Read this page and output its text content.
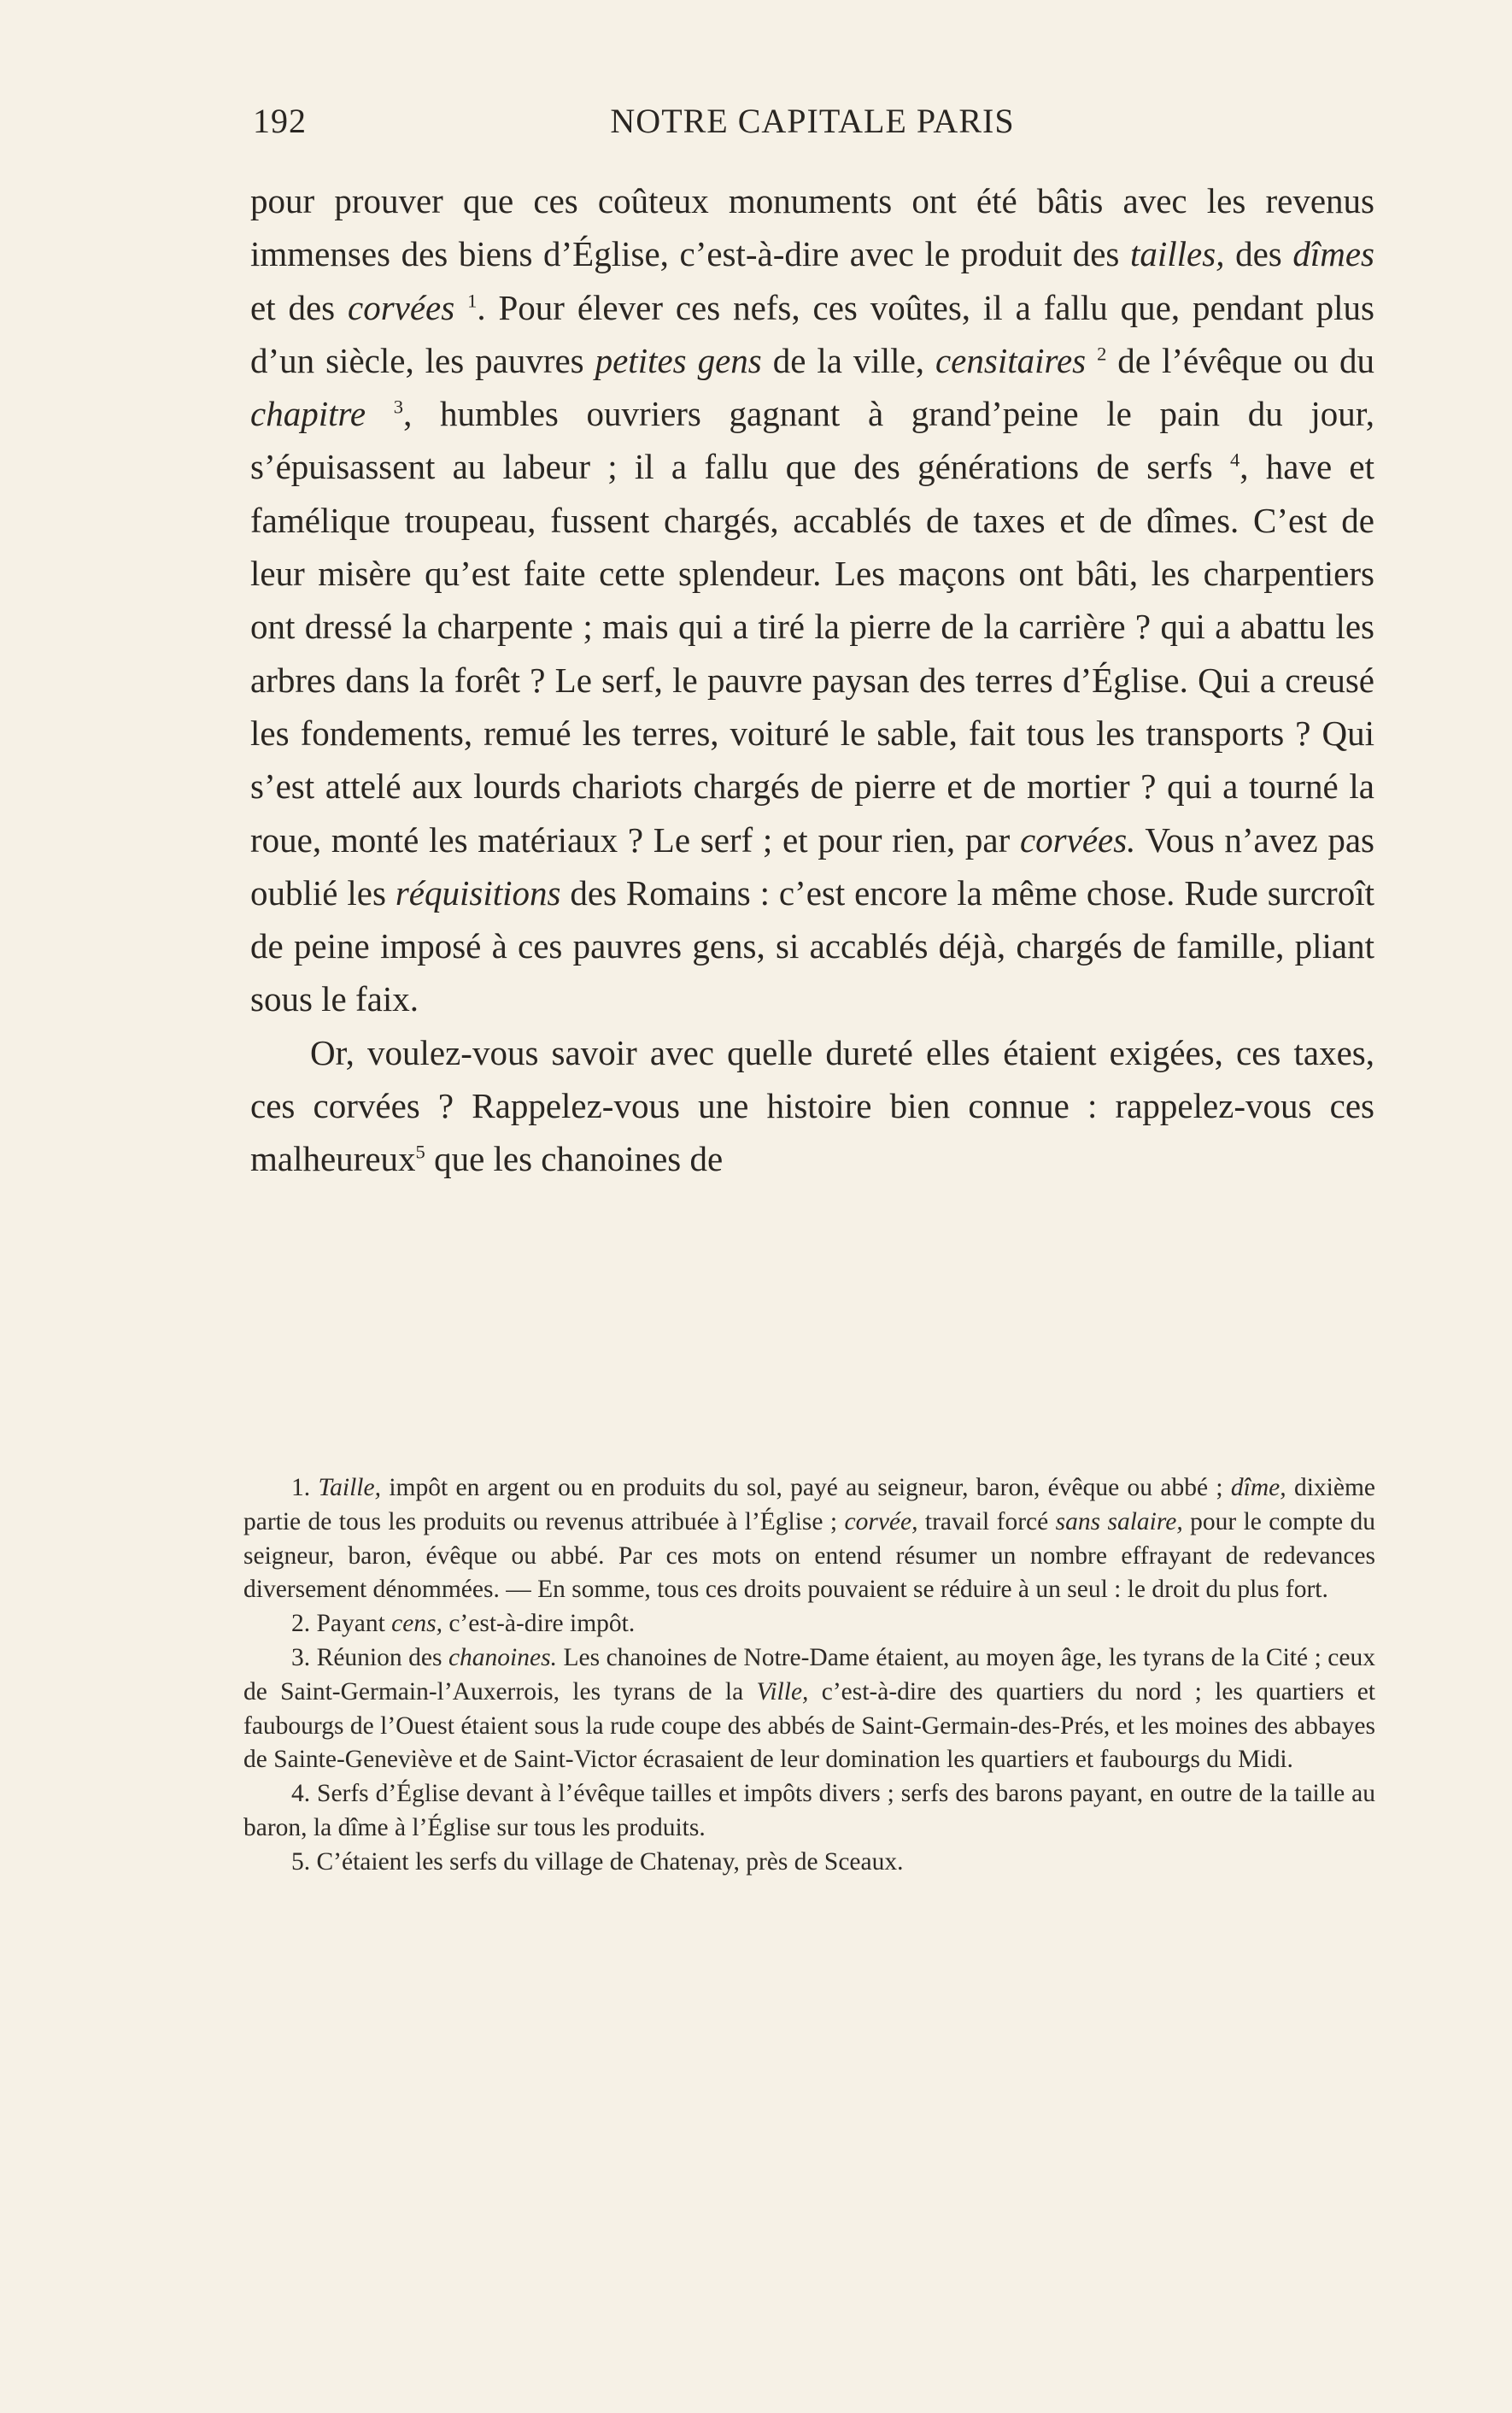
192	NOTRE CAPITALE PARIS

pour prouver que ces coûteux monuments ont été bâtis avec les revenus immenses des biens d’Église, c’est-à-dire avec le produit des tailles, des dîmes et des corvées $^1$. Pour élever ces nefs, ces voûtes, il a fallu que, pendant plus d’un siècle, les pauvres petites gens de la ville, censitaires $^2$ de l’évêque ou du chapitre $^3$, humbles ouvriers gagnant à grand’peine le pain du jour, s’épuisassent au labeur ; il a fallu que des générations de serfs $^4$, have et famélique troupeau, fussent chargés, accablés de taxes et de dîmes. C’est de leur misère qu’est faite cette splendeur. Les maçons ont bâti, les charpentiers ont dressé la charpente ; mais qui a tiré la pierre de la carrière ? qui a abattu les arbres dans la forêt ? Le serf, le pauvre paysan des terres d’Église. Qui a creusé les fondements, remué les terres, voituré le sable, fait tous les transports ? Qui s’est attelé aux lourds chariots chargés de pierre et de mortier ? qui a tourné la roue, monté les matériaux ? Le serf ; et pour rien, par corvées. Vous n’avez pas oublié les réquisitions des Romains : c’est encore la même chose. Rude surcroît de peine imposé à ces pauvres gens, si accablés déjà, chargés de famille, pliant sous le faix.

Or, voulez-vous savoir avec quelle dureté elles étaient exigées, ces taxes, ces corvées ? Rappelez-vous une histoire bien connue : rappelez-vous ces malheureux$^5$ que les chanoines de

1. Taille, impôt en argent ou en produits du sol, payé au seigneur, baron, évêque ou abbé ; dîme, dixième partie de tous les produits ou revenus attribuée à l’Église ; corvée, travail forcé sans salaire, pour le compte du seigneur, baron, évêque ou abbé. Par ces mots on entend résumer un nombre effrayant de redevances diversement dénommées. — En somme, tous ces droits pouvaient se réduire à un seul : le droit du plus fort.

2. Payant cens, c’est-à-dire impôt.

3. Réunion des chanoines. Les chanoines de Notre-Dame étaient, au moyen âge, les tyrans de la Cité ; ceux de Saint-Germain-l’Auxerrois, les tyrans de la Ville, c’est-à-dire des quartiers du nord ; les quartiers et faubourgs de l’Ouest étaient sous la rude coupe des abbés de Saint-Germain-des-Prés, et les moines des abbayes de Sainte-Geneviève et de Saint-Victor écrasaient de leur domination les quartiers et faubourgs du Midi.

4. Serfs d’Église devant à l’évêque tailles et impôts divers ; serfs des barons payant, en outre de la taille au baron, la dîme à l’Église sur tous les produits.

5. C’étaient les serfs du village de Chatenay, près de Sceaux.
